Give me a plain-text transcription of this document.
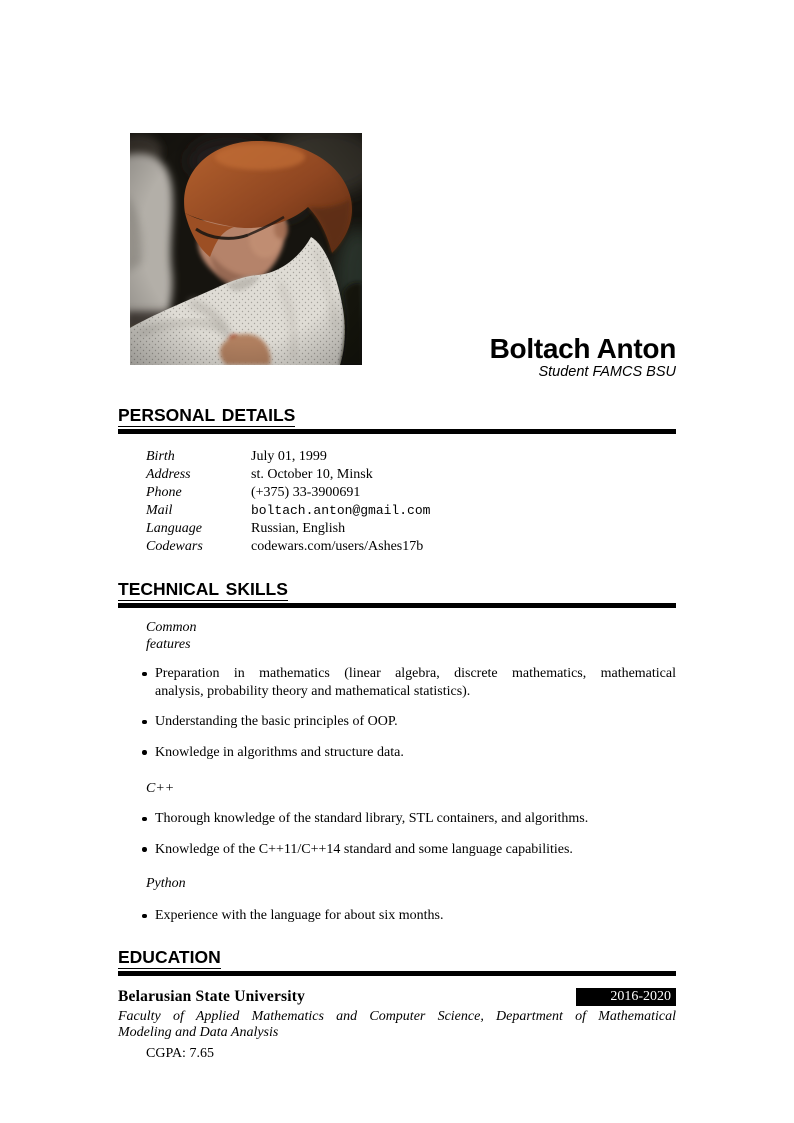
Boltach Anton
Student FAMCS BSU
PERSONAL DETAILS
Birth	July 01, 1999
Address	st. October 10, Minsk
Phone	(+375) 33-3900691
Mail	boltach.anton@gmail.com
Language	Russian, English
Codewars	codewars.com/users/Ashes17b
TECHNICAL SKILLS
Common
features
Preparation in mathematics (linear algebra, discrete mathematics, mathematical
analysis, probability theory and mathematical statistics).
Understanding the basic principles of OOP.
Knowledge in algorithms and structure data.
C++
Thorough knowledge of the standard library, STL containers, and algorithms.
Knowledge of the C++11/C++14 standard and some language capabilities.
Python
Experience with the language for about six months.
EDUCATION
Belarusian State University	2016-2020
Faculty of Applied Mathematics and Computer Science, Department of Mathematical
Modeling and Data Analysis
CGPA: 7.65
